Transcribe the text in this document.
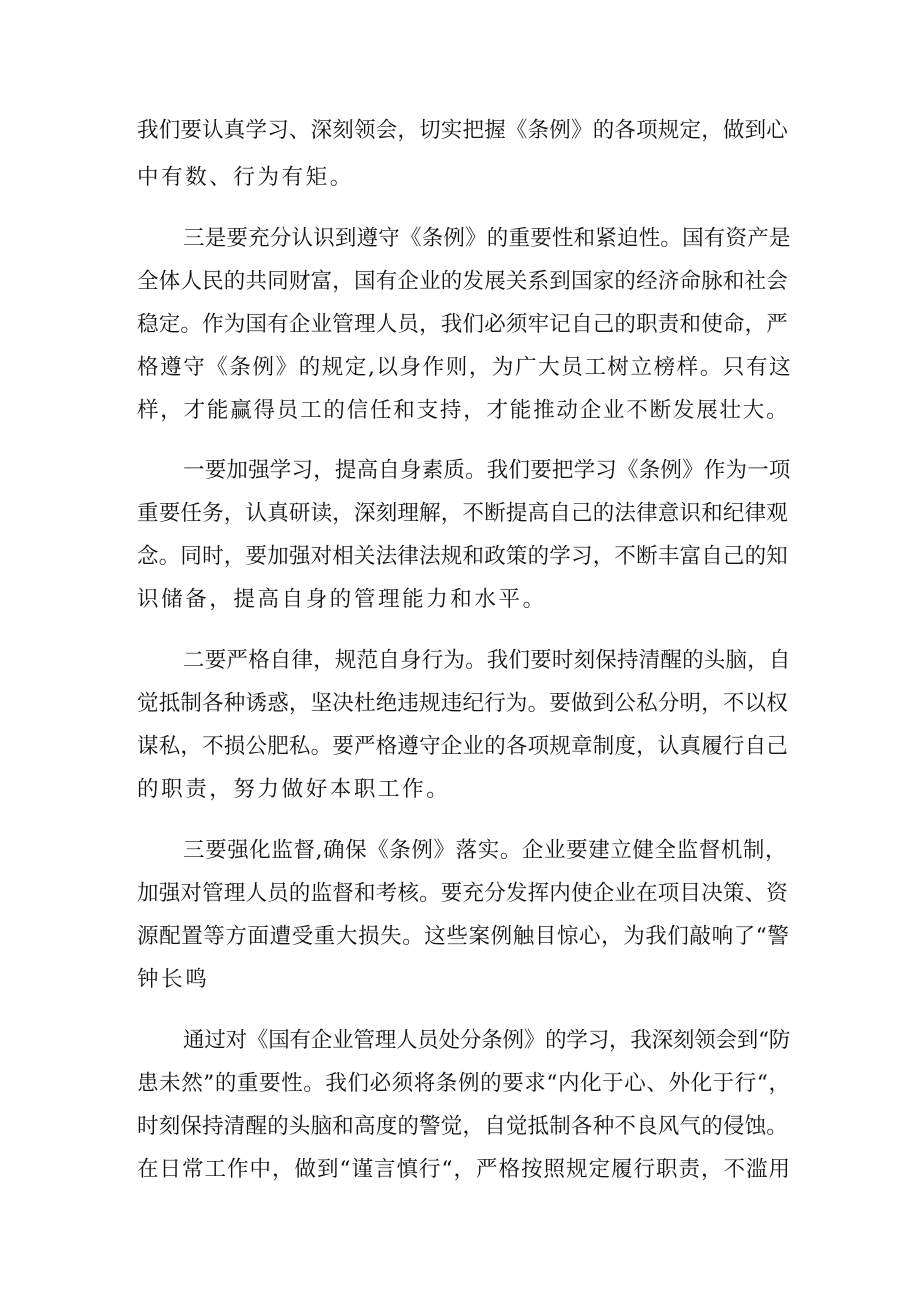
我们要认真学习、深刻领会，切实把握《条例》的各项规定，做到心
中有数、行为有矩。
三是要充分认识到遵守《条例》的重要性和紧迫性。国有资产是
全体人民的共同财富，国有企业的发展关系到国家的经济命脉和社会
稳定。作为国有企业管理人员，我们必须牢记自己的职责和使命，严
格遵守《条例》的规定,以身作则，为广大员工树立榜样。只有这
样，才能赢得员工的信任和支持，才能推动企业不断发展壮大。
一要加强学习，提高自身素质。我们要把学习《条例》作为一项
重要任务，认真研读，深刻理解，不断提高自己的法律意识和纪律观
念。同时，要加强对相关法律法规和政策的学习，不断丰富自己的知
识储备，提高自身的管理能力和水平。
二要严格自律，规范自身行为。我们要时刻保持清醒的头脑，自
觉抵制各种诱惑，坚决杜绝违规违纪行为。要做到公私分明，不以权
谋私，不损公肥私。要严格遵守企业的各项规章制度，认真履行自己
的职责，努力做好本职工作。
三要强化监督,确保《条例》落实。企业要建立健全监督机制，
加强对管理人员的监督和考核。要充分发挥内使企业在项目决策、资
源配置等方面遭受重大损失。这些案例触目惊心，为我们敲响了“警
钟长鸣
通过对《国有企业管理人员处分条例》的学习，我深刻领会到“防
患未然”的重要性。我们必须将条例的要求“内化于心、外化于行“，
时刻保持清醒的头脑和高度的警觉，自觉抵制各种不良风气的侵蚀。
在日常工作中，做到“谨言慎行“，严格按照规定履行职责，不滥用
